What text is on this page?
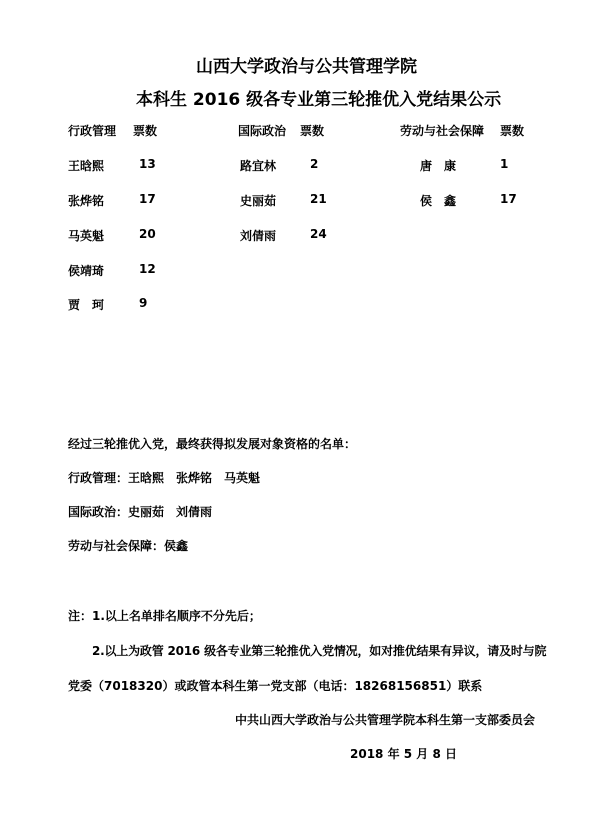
山西大学政治与公共管理学院
本科生 2016 级各专业第三轮推优入党结果公示
行政管理 票数
王晗熙	13
张烨铭	17
马英魁	20
侯靖琦	12
贾　珂	9
国际政治 票数
路宜林	2
史丽茹	21
刘倩雨	24
劳动与社会保障 票数
唐　康	1
侯　鑫	17
经过三轮推优入党，最终获得拟发展对象资格的名单：
行政管理：王晗熙　张烨铭　马英魁
国际政治：史丽茹　刘倩雨
劳动与社会保障：侯鑫
注：1.以上名单排名顺序不分先后；
2.以上为政管 2016 级各专业第三轮推优入党情况，如对推优结果有异议，请及时与院
党委（7018320）或政管本科生第一党支部（电话：18268156851）联系
中共山西大学政治与公共管理学院本科生第一支部委员会
2018 年 5 月 8 日
